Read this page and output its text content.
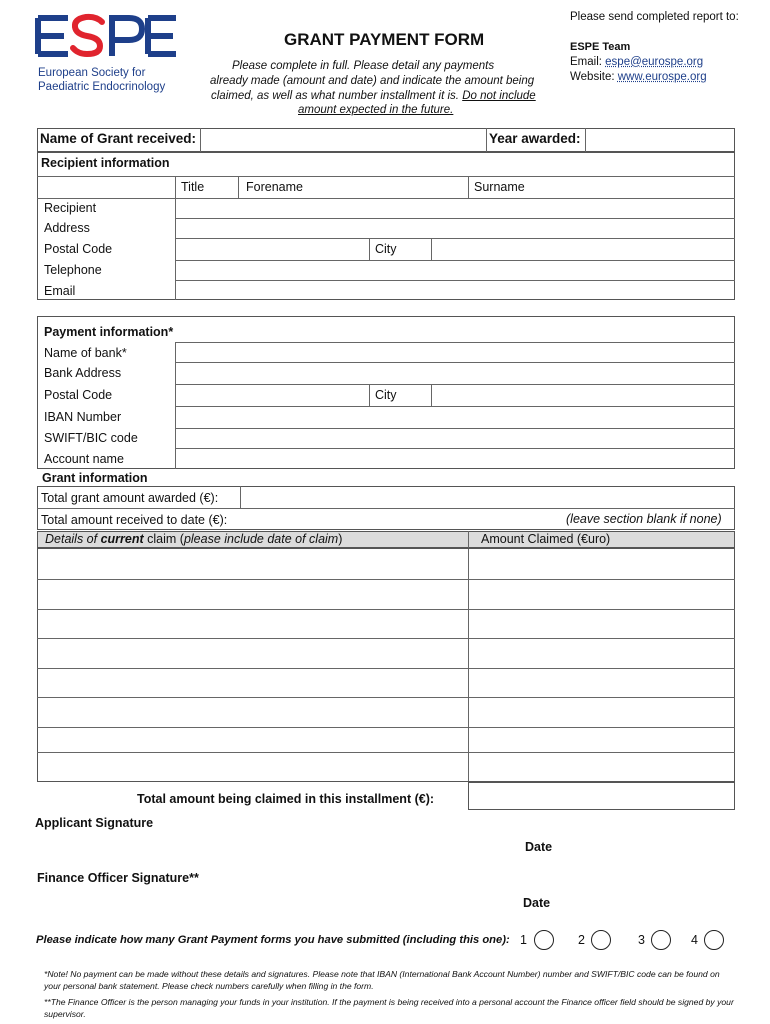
European Society for
Paediatric Endocrinology
GRANT PAYMENT FORM
Please complete in full. Please detail any payments
already made (amount and date) and indicate the amount being
claimed, as well as what number installment it is. Do not include
amount expected in the future.
Please send completed report to:
ESPE Team
Email: espe@eurospe.org
Website: www.eurospe.org
Name of Grant received:	Year awarded:
Recipient information
Title	Forename	Surname
Recipient
Address
Postal Code	City
Telephone
Email
Payment information*
Name of bank*
Bank Address
Postal Code	City
IBAN Number
SWIFT/BIC code
Account name
Grant information
Total grant amount awarded (€):
Total amount received to date (€):	(leave section blank if none)
Details of current claim (please include date of claim)	Amount Claimed (€uro)
Total amount being claimed in this installment (€):
Applicant Signature
Date
Finance Officer Signature**
Date
Please indicate how many Grant Payment forms you have submitted (including this one): 1	2	3	4
*Note! No payment can be made without these details and signatures. Please note that IBAN (International Bank Account Number) number and SWIFT/BIC code can be found on your personal bank statement. Please check numbers carefully when filling in the form.
**The Finance Officer is the person managing your funds in your institution. If the payment is being received into a personal account the Finance officer field should be signed by your supervisor.
